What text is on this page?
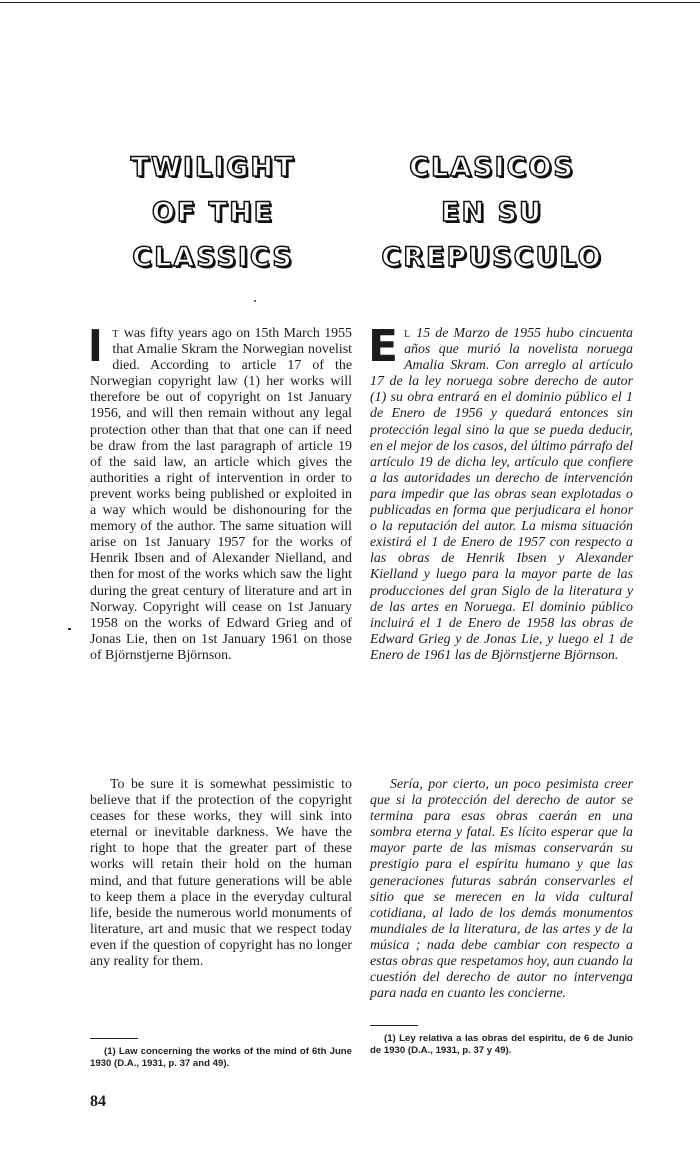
TWILIGHT
OF THE
CLASSICS
CLASICOS
EN SU
CREPUSCULO

It was fifty years ago on 15th March 1955 that Amalie Skram the Norwegian novelist died. According to article 17 of the Norwegian copyright law (1) her works will therefore be out of copyright on 1st January 1956, and will then remain without any legal protection other than that that one can if need be draw from the last paragraph of article 19 of the said law, an article which gives the authorities a right of intervention in order to prevent works being published or exploited in a way which would be dishonouring for the memory of the author. The same situation will arise on 1st January 1957 for the works of Henrik Ibsen and of Alexander Nielland, and then for most of the works which saw the light during the great century of literature and art in Norway. Copyright will cease on 1st January 1958 on the works of Edward Grieg and of Jonas Lie, then on 1st January 1961 on those of Björnstjerne Björnson.

To be sure it is somewhat pessimistic to believe that if the protection of the copyright ceases for these works, they will sink into eternal or inevitable darkness. We have the right to hope that the greater part of these works will retain their hold on the human mind, and that future generations will be able to keep them a place in the everyday cultural life, beside the numerous world monuments of literature, art and music that we respect today even if the question of copyright has no longer any reality for them.

El 15 de Marzo de 1955 hubo cincuenta años que murió la novelista noruega Amalia Skram. Con arreglo al artículo 17 de la ley noruega sobre derecho de autor (1) su obra entrará en el dominio público el 1 de Enero de 1956 y quedará entonces sin protección legal sino la que se pueda deducir, en el mejor de los casos, del último párrafo del artículo 19 de dicha ley, artículo que confiere a las autoridades un derecho de intervención para impedir que las obras sean explotadas o publicadas en forma que perjudicara el honor o la reputación del autor. La misma situación existirá el 1 de Enero de 1957 con respecto a las obras de Henrik Ibsen y Alexander Kielland y luego para la mayor parte de las producciones del gran Siglo de la literatura y de las artes en Noruega. El dominio público incluirá el 1 de Enero de 1958 las obras de Edward Grieg y de Jonas Lie, y luego el 1 de Enero de 1961 las de Björnstjerne Björnson.

Sería, por cierto, un poco pesimista creer que si la protección del derecho de autor se termina para esas obras caerán en una sombra eterna y fatal. Es lícito esperar que la mayor parte de las mismas conservarán su prestigio para el espíritu humano y que las generaciones futuras sabrán conservarles el sitio que se merecen en la vida cultural cotidiana, al lado de los demás monumentos mundiales de la literatura, de las artes y de la música ; nada debe cambiar con respecto a estas obras que respetamos hoy, aun cuando la cuestión del derecho de autor no intervenga para nada en cuanto les concierne.

(1) Law concerning the works of the mind of 6th June 1930 (D.A., 1931, p. 37 and 49).
(1) Ley relativa a las obras del espíritu, de 6 de Junio de 1930 (D.A., 1931, p. 37 y 49).
84
